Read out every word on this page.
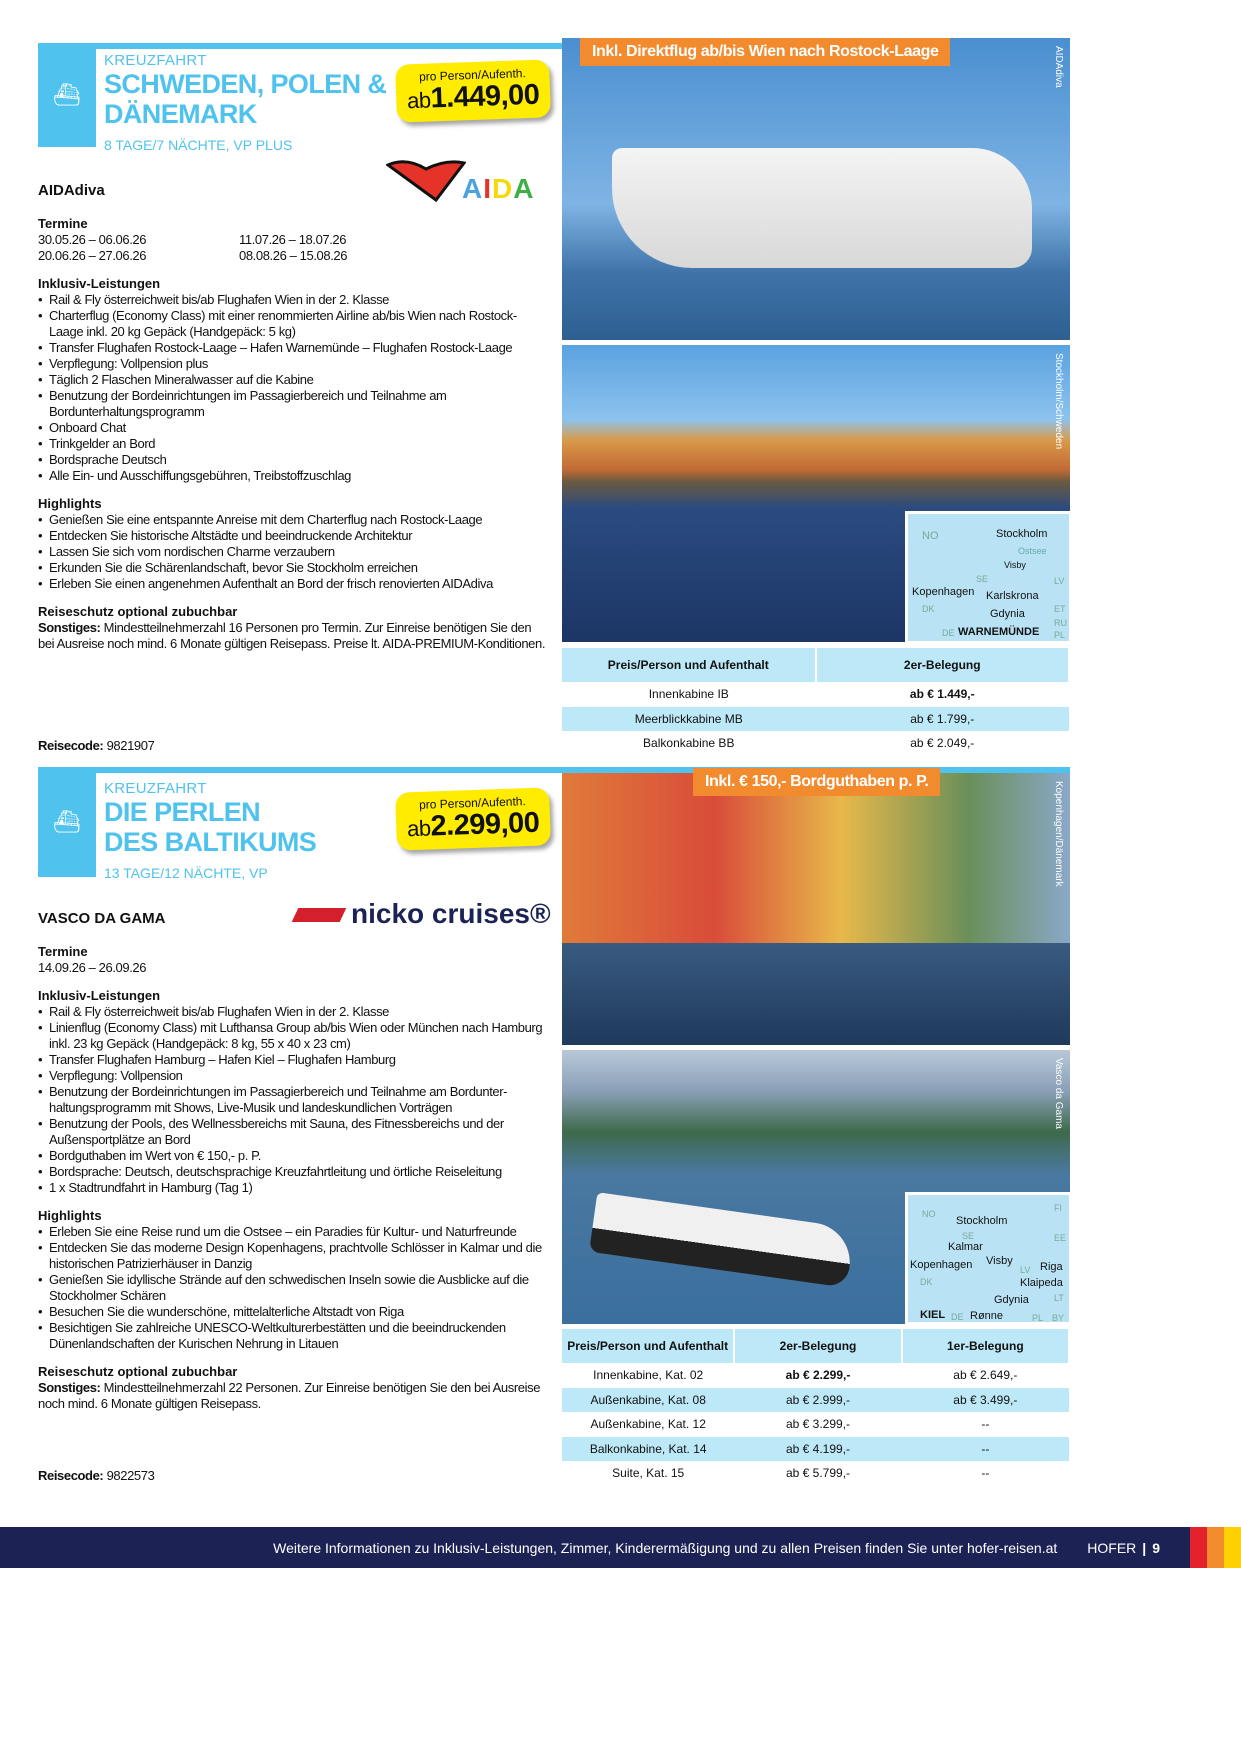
⛴
KREUZFAHRT
SCHWEDEN, POLEN &
DÄNEMARK
8 TAGE/7 NÄCHTE, VP PLUS
pro Person/Aufenth.
ab1.449,00
AIDA
AIDAdiva
Termine
30.05.26 – 06.06.26	11.07.26 – 18.07.26
20.06.26 – 27.06.26	08.08.26 – 15.08.26
Inklusiv-Leistungen
• Rail & Fly österreichweit bis/ab Flughafen Wien in der 2. Klasse
• Charterflug (Economy Class) mit einer renommierten Airline ab/bis Wien nach Rostock-Laage inkl. 20 kg Gepäck (Handgepäck: 5 kg)
• Transfer Flughafen Rostock-Laage – Hafen Warnemünde – Flughafen Rostock-Laage
• Verpflegung: Vollpension plus
• Täglich 2 Flaschen Mineralwasser auf die Kabine
• Benutzung der Bordeinrichtungen im Passagierbereich und Teilnahme am Bordunterhaltungsprogramm
• Onboard Chat
• Trinkgelder an Bord
• Bordsprache Deutsch
• Alle Ein- und Ausschiffungsgebühren, Treibstoffzuschlag
Highlights
• Genießen Sie eine entspannte Anreise mit dem Charterflug nach Rostock-Laage
• Entdecken Sie historische Altstädte und beeindruckende Architektur
• Lassen Sie sich vom nordischen Charme verzaubern
• Erkunden Sie die Schärenlandschaft, bevor Sie Stockholm erreichen
• Erleben Sie einen angenehmen Aufenthalt an Bord der frisch renovierten AIDAdiva
Reiseschutz optional zubuchbar
Sonstiges: Mindestteilnehmerzahl 16 Personen pro Termin. Zur Einreise benötigen Sie den bei Ausreise noch mind. 6 Monate gültigen Reisepass. Preise lt. AIDA-PREMIUM-Konditionen.
Reisecode: 9821907
AIDAdiva
Inkl. Direktflug ab/bis Wien nach Rostock-Laage
Stockholm/Schweden
NO	Stockholm
Ostsee
Visby
SE	LV
Kopenhagen Karlskrona
DK	Gdynia	ET
RU
DE WARNEMÜNDE PL
Preis/Person und Aufenthalt	2er-Belegung
Innenkabine IB	ab € 1.449,-
Meerblickkabine MB	ab € 1.799,-
Balkonkabine BB	ab € 2.049,-
⛴
KREUZFAHRT
DIE PERLEN
DES BALTIKUMS
13 TAGE/12 NÄCHTE, VP
pro Person/Aufenth.
ab2.299,00
nicko cruises®
VASCO DA GAMA
Termine
14.09.26 – 26.09.26
Inklusiv-Leistungen
• Rail & Fly österreichweit bis/ab Flughafen Wien in der 2. Klasse
• Linienflug (Economy Class) mit Lufthansa Group ab/bis Wien oder München nach Hamburg inkl. 23 kg Gepäck (Handgepäck: 8 kg, 55 x 40 x 23 cm)
• Transfer Flughafen Hamburg – Hafen Kiel – Flughafen Hamburg
• Verpflegung: Vollpension
• Benutzung der Bordeinrichtungen im Passagierbereich und Teilnahme am Bordunter-haltungsprogramm mit Shows, Live-Musik und landeskundlichen Vorträgen
• Benutzung der Pools, des Wellnessbereichs mit Sauna, des Fitnessbereichs und der Außensportplätze an Bord
• Bordguthaben im Wert von € 150,- p. P.
• Bordsprache: Deutsch, deutschsprachige Kreuzfahrtleitung und örtliche Reiseleitung
• 1 x Stadtrundfahrt in Hamburg (Tag 1)
Highlights
• Erleben Sie eine Reise rund um die Ostsee – ein Paradies für Kultur- und Naturfreunde
• Entdecken Sie das moderne Design Kopenhagens, prachtvolle Schlösser in Kalmar und die historischen Patrizierhäuser in Danzig
• Genießen Sie idyllische Strände auf den schwedischen Inseln sowie die Ausblicke auf die Stockholmer Schären
• Besuchen Sie die wunderschöne, mittelalterliche Altstadt von Riga
• Besichtigen Sie zahlreiche UNESCO-Weltkulturerbestätten und die beeindruckenden Dünenlandschaften der Kurischen Nehrung in Litauen
Reiseschutz optional zubuchbar
Sonstiges: Mindestteilnehmerzahl 22 Personen. Zur Einreise benötigen Sie den bei Ausreise noch mind. 6 Monate gültigen Reisepass.
Reisecode: 9822573
Kopenhagen/Dänemark
Inkl. € 150,- Bordguthaben p. P.
Vasco da Gama
NO
Stockholm
SE
Kalmar
FI
EE
Kopenhagen Visby
LV Riga
DK	Klaipeda
LT
Gdynia
KIEL DE Rønne	PL BY
Preis/Person und Aufenthalt	2er-Belegung	1er-Belegung
Innenkabine, Kat. 02	ab € 2.299,-	ab € 2.649,-
Außenkabine, Kat. 08	ab € 2.999,-	ab € 3.499,-
Außenkabine, Kat. 12	ab € 3.299,-	--
Balkonkabine, Kat. 14	ab € 4.199,-	--
Suite, Kat. 15	ab € 5.799,-	--
Weitere Informationen zu Inklusiv-Leistungen, Zimmer, Kinderermäßigung und zu allen Preisen finden Sie unter hofer-reisen.at HOFER | 9
